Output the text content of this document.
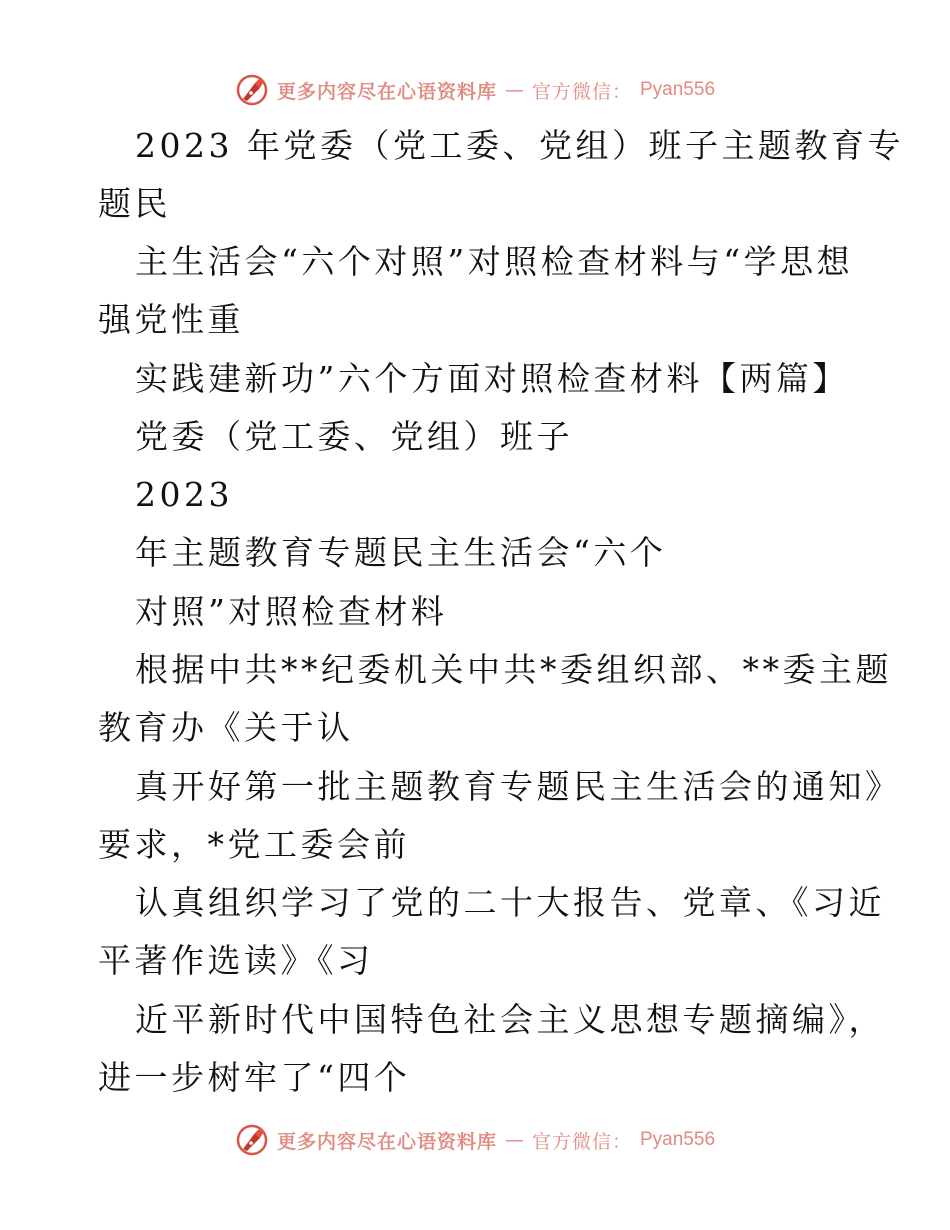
更多内容尽在心语资料库 — 官方微信： Pyan556
2023 年党委（党工委、党组）班子主题教育专
题民
主生活会“六个对照”对照检查材料与“学思想
强党性重
实践建新功”六个方面对照检查材料【两篇】
党委（党工委、党组）班子
2023
年主题教育专题民主生活会“六个
对照”对照检查材料
根据中共**纪委机关中共*委组织部、**委主题
教育办《关于认
真开好第一批主题教育专题民主生活会的通知》
要求，*党工委会前
认真组织学习了党的二十大报告、党章、《习近
平著作选读》《习
近平新时代中国特色社会主义思想专题摘编》，
进一步树牢了“四个
更多内容尽在心语资料库 — 官方微信： Pyan556
